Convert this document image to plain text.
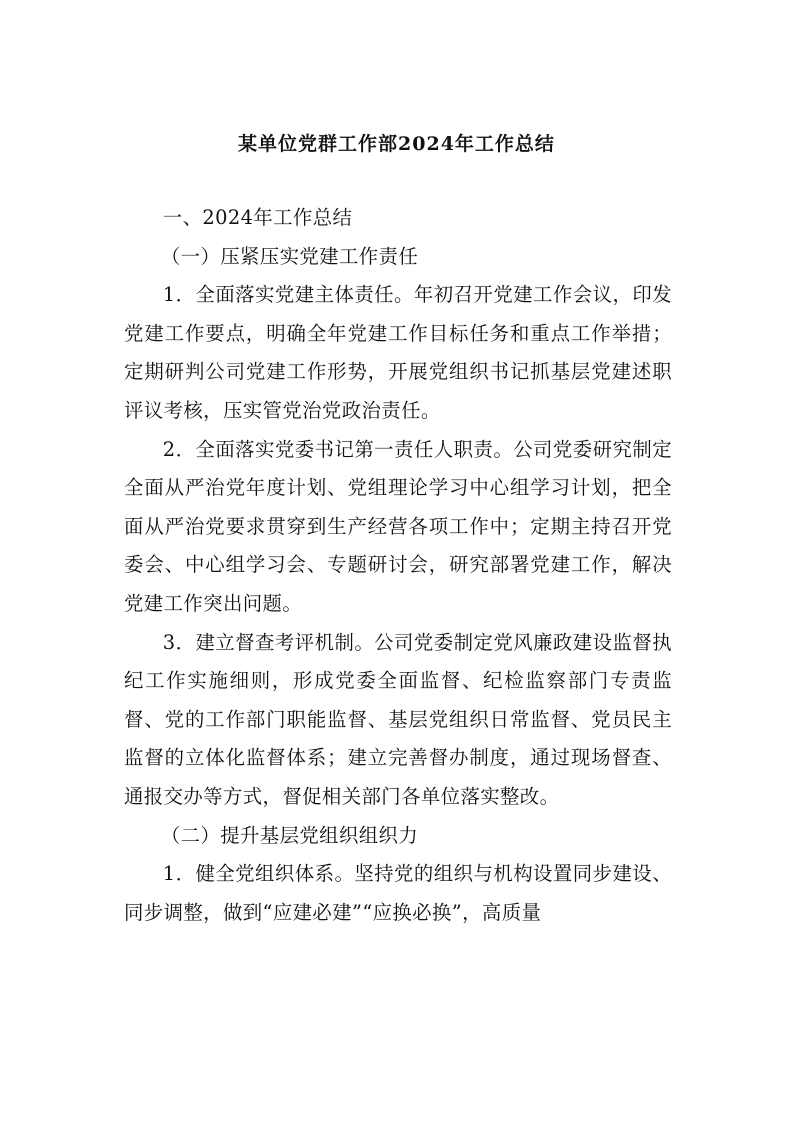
某单位党群工作部2024年工作总结

一、2024年工作总结

（一）压紧压实党建工作责任

1．全面落实党建主体责任。年初召开党建工作会议，印发党建工作要点，明确全年党建工作目标任务和重点工作举措；定期研判公司党建工作形势，开展党组织书记抓基层党建述职评议考核，压实管党治党政治责任。

2．全面落实党委书记第一责任人职责。公司党委研究制定全面从严治党年度计划、党组理论学习中心组学习计划，把全面从严治党要求贯穿到生产经营各项工作中；定期主持召开党委会、中心组学习会、专题研讨会，研究部署党建工作，解决党建工作突出问题。

3．建立督查考评机制。公司党委制定党风廉政建设监督执纪工作实施细则，形成党委全面监督、纪检监察部门专责监督、党的工作部门职能监督、基层党组织日常监督、党员民主监督的立体化监督体系；建立完善督办制度，通过现场督查、通报交办等方式，督促相关部门各单位落实整改。

（二）提升基层党组织组织力

1．健全党组织体系。坚持党的组织与机构设置同步建设、同步调整，做到“应建必建”“应换必换”，高质量
